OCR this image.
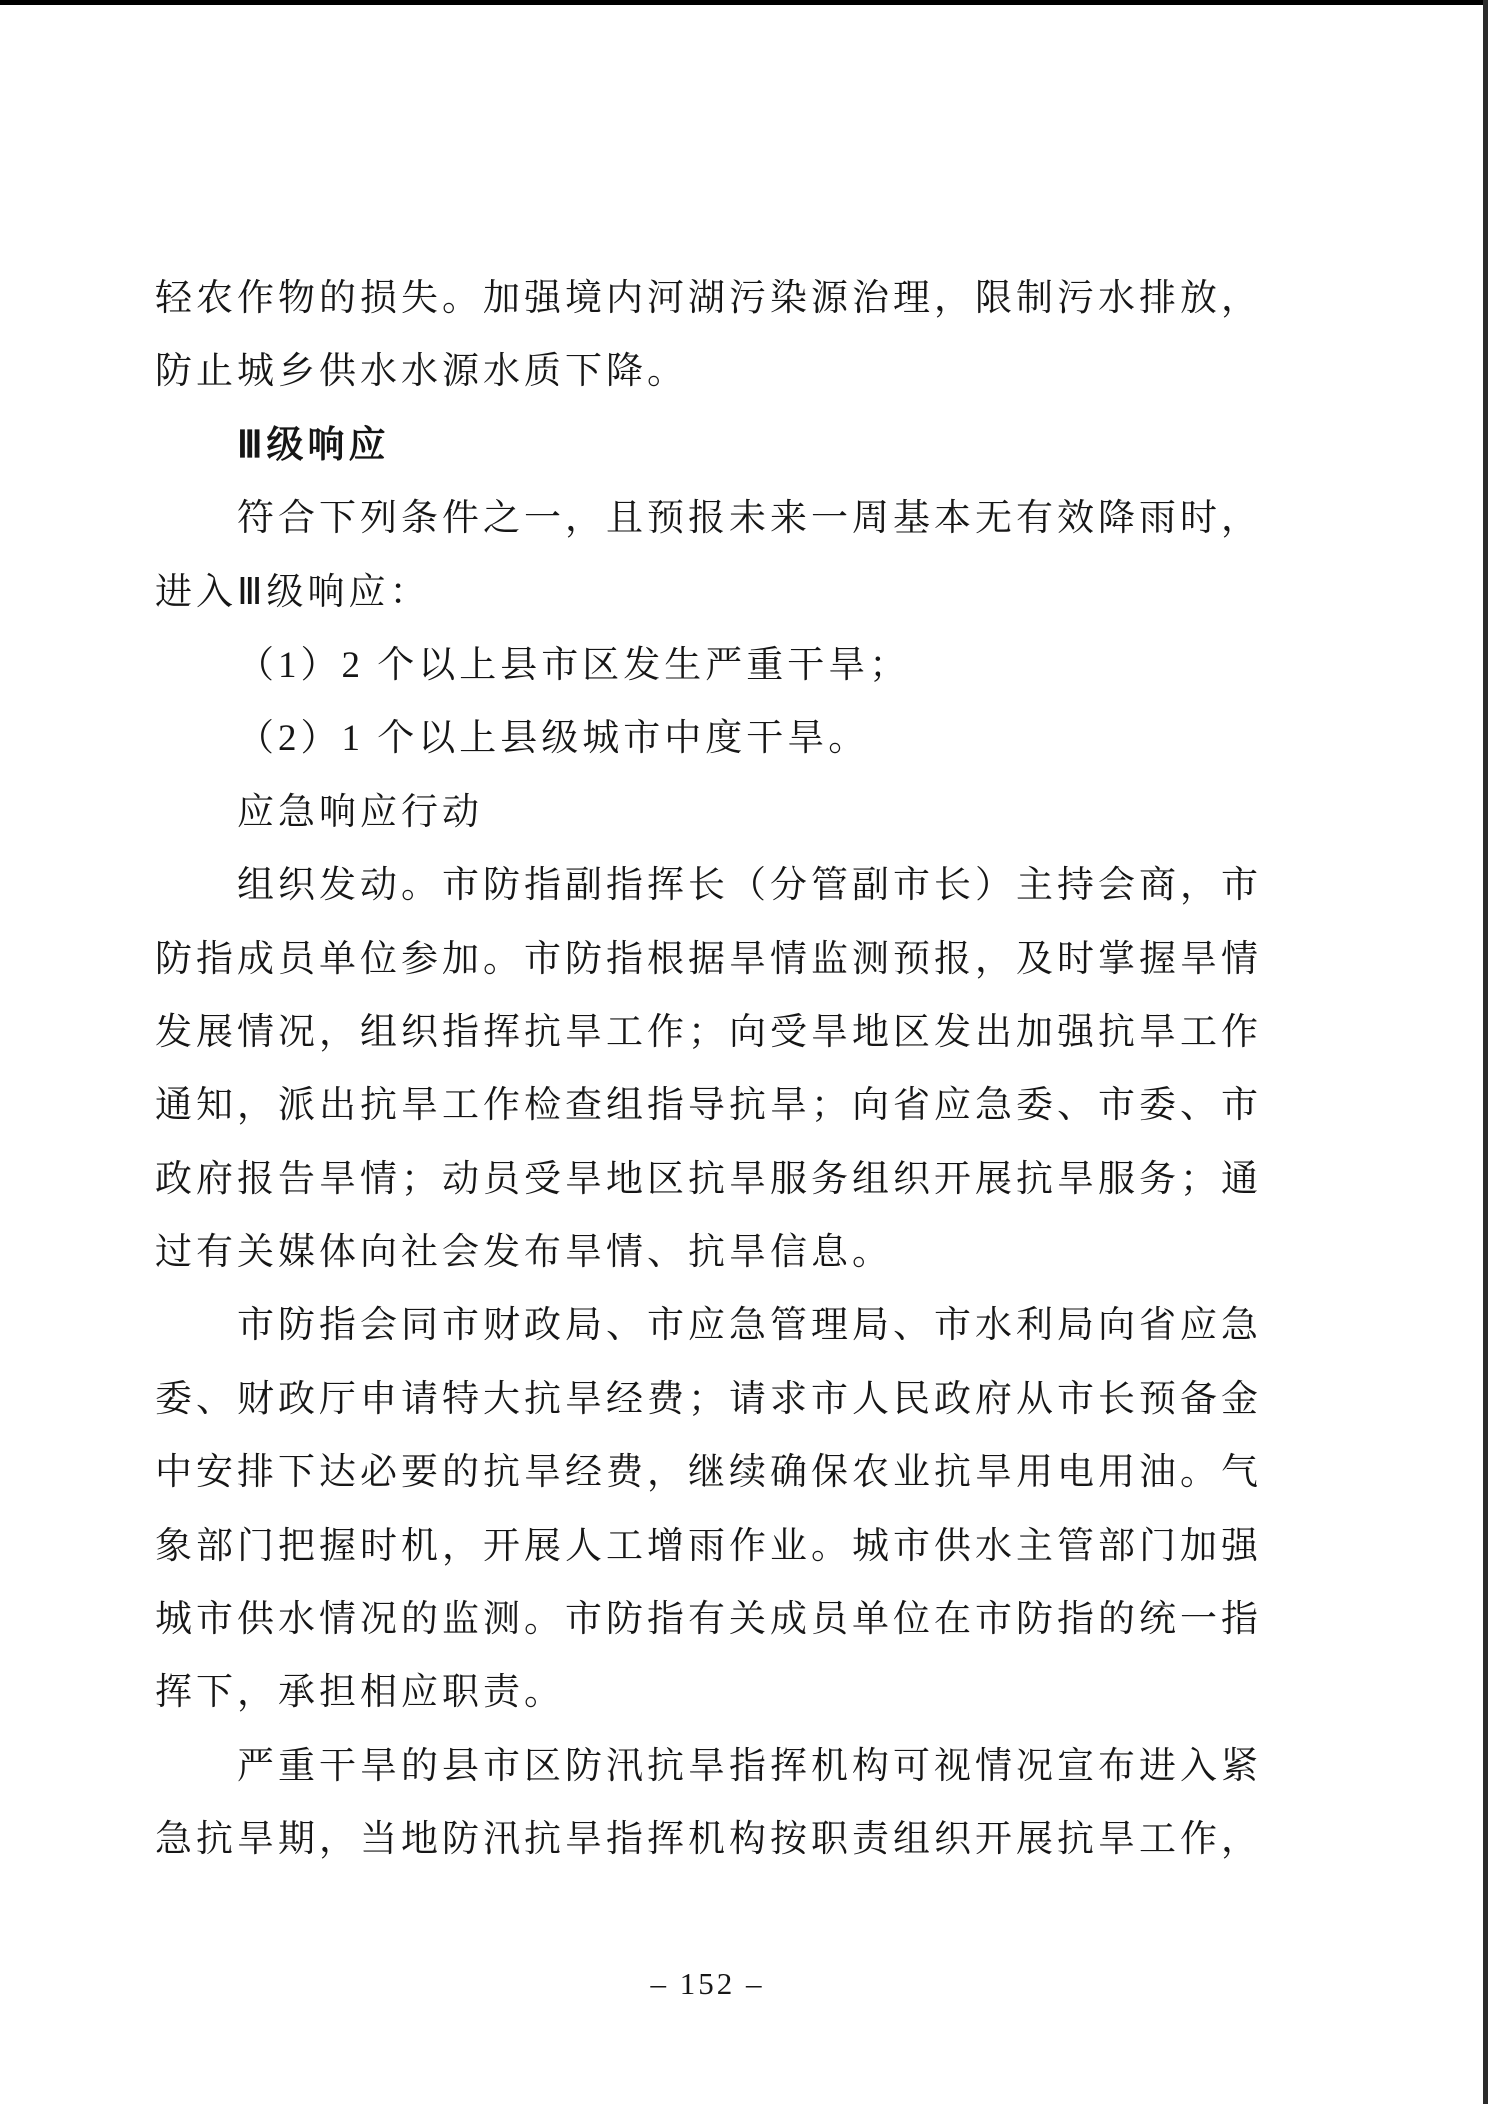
轻农作物的损失。加强境内河湖污染源治理，限制污水排放，
防止城乡供水水源水质下降。
Ⅲ级响应
符合下列条件之一，且预报未来一周基本无有效降雨时，
进入Ⅲ级响应：
（1）2 个以上县市区发生严重干旱；
（2）1 个以上县级城市中度干旱。
应急响应行动
组织发动。市防指副指挥长（分管副市长）主持会商，市
防指成员单位参加。市防指根据旱情监测预报，及时掌握旱情
发展情况，组织指挥抗旱工作；向受旱地区发出加强抗旱工作
通知，派出抗旱工作检查组指导抗旱；向省应急委、市委、市
政府报告旱情；动员受旱地区抗旱服务组织开展抗旱服务；通
过有关媒体向社会发布旱情、抗旱信息。
市防指会同市财政局、市应急管理局、市水利局向省应急
委、财政厅申请特大抗旱经费；请求市人民政府从市长预备金
中安排下达必要的抗旱经费，继续确保农业抗旱用电用油。气
象部门把握时机，开展人工增雨作业。城市供水主管部门加强
城市供水情况的监测。市防指有关成员单位在市防指的统一指
挥下，承担相应职责。
严重干旱的县市区防汛抗旱指挥机构可视情况宣布进入紧
急抗旱期，当地防汛抗旱指挥机构按职责组织开展抗旱工作，
– 152 –
